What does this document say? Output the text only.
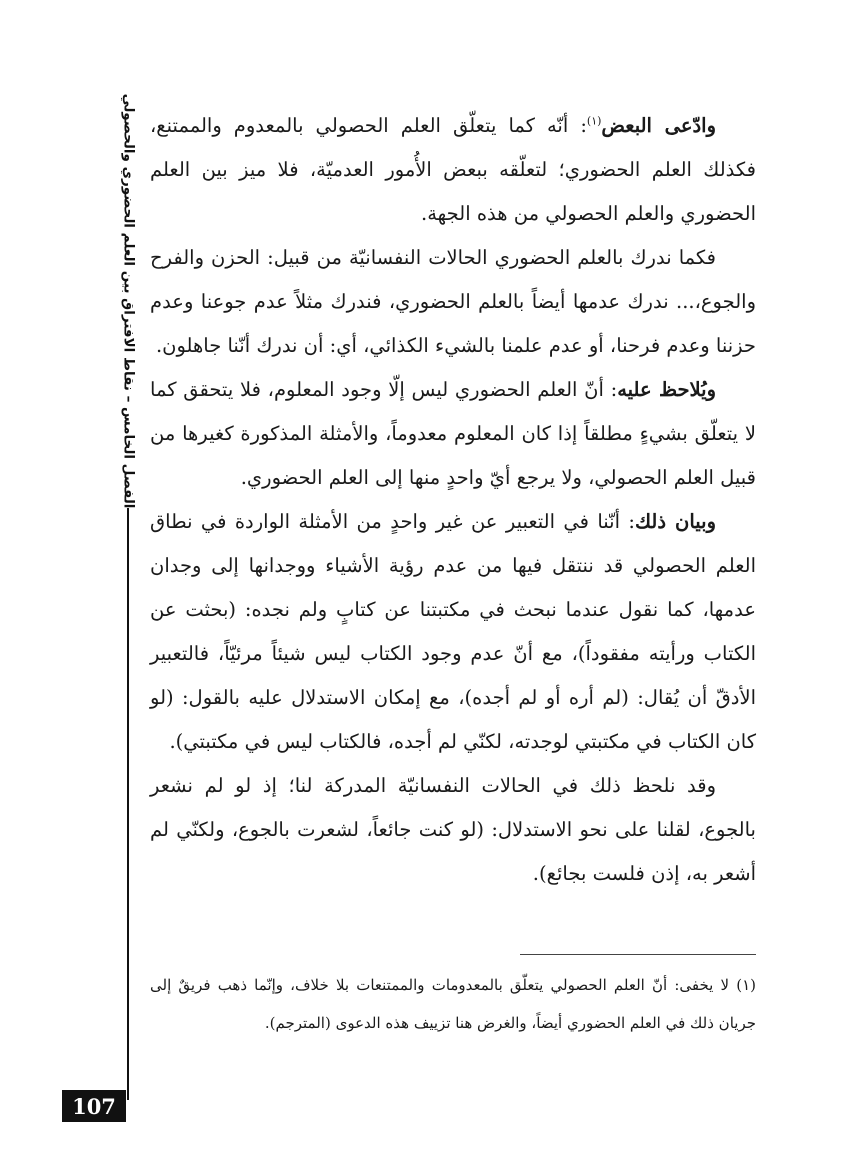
الفصل الخامس – نقاط الافتراق بين العلم الحضوري والحصولي	وادّعى البعض$^{(١)}$: أنّه كما يتعلّق العلم الحصولي بالمعدوم والممتنع، فكذلك العلم الحضوري؛ لتعلّقه ببعض الأُمور العدميّة، فلا ميز بين العلم الحضوري والعلم الحصولي من هذه الجهة.

فكما ندرك بالعلم الحضوري الحالات النفسانيّة من قبيل: الحزن والفرح والجوع،... ندرك عدمها أيضاً بالعلم الحضوري، فندرك مثلاً عدم جوعنا وعدم حزننا وعدم فرحنا، أو عدم علمنا بالشيء الكذائي، أي: أن ندرك أنّنا جاهلون.

ويُلاحظ عليه: أنّ العلم الحضوري ليس إلّا وجود المعلوم، فلا يتحقق كما لا يتعلّق بشيءٍ مطلقاً إذا كان المعلوم معدوماً، والأمثلة المذكورة كغيرها من قبيل العلم الحصولي، ولا يرجع أيّ واحدٍ منها إلى العلم الحضوري.

وبيان ذلك: أنّنا في التعبير عن غير واحدٍ من الأمثلة الواردة في نطاق العلم الحصولي قد ننتقل فيها من عدم رؤية الأشياء ووجدانها إلى وجدان عدمها، كما نقول عندما نبحث في مكتبتنا عن كتابٍ ولم نجده: (بحثت عن الكتاب ورأيته مفقوداً)، مع أنّ عدم وجود الكتاب ليس شيئاً مرئيّاً، فالتعبير الأدقّ أن يُقال: (لم أره أو لم أجده)، مع إمكان الاستدلال عليه بالقول: (لو كان الكتاب في مكتبتي لوجدته، لكنّي لم أجده، فالكتاب ليس في مكتبتي).

وقد نلحظ ذلك في الحالات النفسانيّة المدركة لنا؛ إذ لو لم نشعر بالجوع، لقلنا على نحو الاستدلال: (لو كنت جائعاً، لشعرت بالجوع، ولكنّي لم أشعر به، إذن فلست بجائع).

(١) لا يخفى: أنّ العلم الحصولي يتعلّق بالمعدومات والممتنعات بلا خلاف، وإنّما ذهب فريقٌ إلى جريان ذلك في العلم الحضوري أيضاً، والغرض هنا تزييف هذه الدعوى (المترجم).
107
